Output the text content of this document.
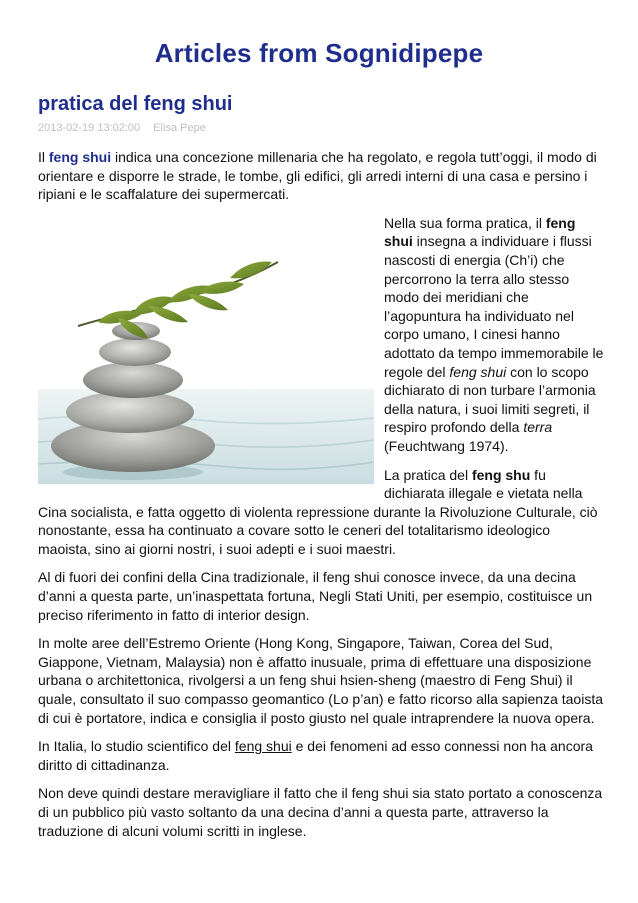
Articles from Sognidipepe
pratica del feng shui
2013-02-19 13:02:00 Elisa Pepe

Il feng shui indica una concezione millenaria che ha regolato, e regola tutt’oggi, il modo di orientare e disporre le strade, le tombe, gli edifici, gli arredi interni di una casa e persino i ripiani e le scaffalature dei supermercati.

Nella sua forma pratica, il feng shui insegna a individuare i flussi nascosti di energia (Ch’i) che percorrono la terra allo stesso modo dei meridiani che l’agopuntura ha individuato nel corpo umano, I cinesi hanno adottato da tempo immemorabile le regole del feng shui con lo scopo dichiarato di non turbare l’armonia della natura, i suoi limiti segreti, il respiro profondo della terra (Feuchtwang 1974).

La pratica del feng shu fu dichiarata illegale e vietata nella Cina socialista, e fatta oggetto di violenta repressione durante la Rivoluzione Culturale, ciò nonostante, essa ha continuato a covare sotto le ceneri del totalitarismo ideologico maoista, sino ai giorni nostri, i suoi adepti e i suoi maestri.

Al di fuori dei confini della Cina tradizionale, il feng shui conosce invece, da una decina d’anni a questa parte, un’inaspettata fortuna, Negli Stati Uniti, per esempio, costituisce un preciso riferimento in fatto di interior design.

In molte aree dell’Estremo Oriente (Hong Kong, Singapore, Taiwan, Corea del Sud, Giappone, Vietnam, Malaysia) non è affatto inusuale, prima di effettuare una disposizione urbana o architettonica, rivolgersi a un feng shui hsien-sheng (maestro di Feng Shui) il quale, consultato il suo compasso geomantico (Lo p’an) e fatto ricorso alla sapienza taoista di cui è portatore, indica e consiglia il posto giusto nel quale intraprendere la nuova opera.

In Italia, lo studio scientifico del feng shui e dei fenomeni ad esso connessi non ha ancora diritto di cittadinanza.

Non deve quindi destare meravigliare il fatto che il feng shui sia stato portato a conoscenza di un pubblico più vasto soltanto da una decina d’anni a questa parte, attraverso la traduzione di alcuni volumi scritti in inglese.
